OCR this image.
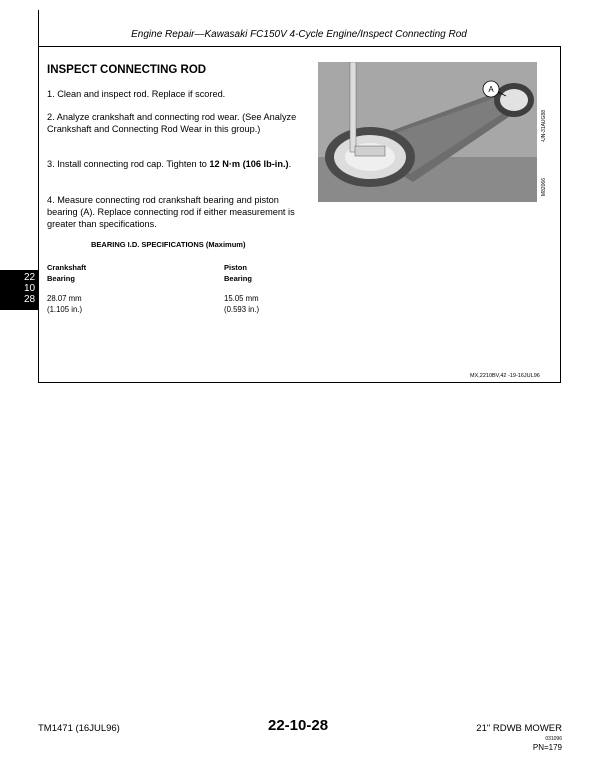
Engine Repair—Kawasaki FC150V 4-Cycle Engine/Inspect Connecting Rod
INSPECT CONNECTING ROD
1. Clean and inspect rod. Replace if scored.
2. Analyze crankshaft and connecting rod wear. (See Analyze Crankshaft and Connecting Rod Wear in this group.)
3. Install connecting rod cap. Tighten to 12 N·m (106 lb-in.).
4. Measure connecting rod crankshaft bearing and piston bearing (A). Replace connecting rod if either measurement is greater than specifications.
BEARING I.D. SPECIFICATIONS (Maximum)
Crankshaft
Bearing
Piston
Bearing
28.07 mm
(1.105 in.)
15.05 mm
(0.593 in.)
A
-UN-31AUG88
M82066
22
10
28
MX,2210BV,42 -19-16JUL96
TM1471 (16JUL96)	22-10-28	21" RDWB MOWER
031096
PN=179
